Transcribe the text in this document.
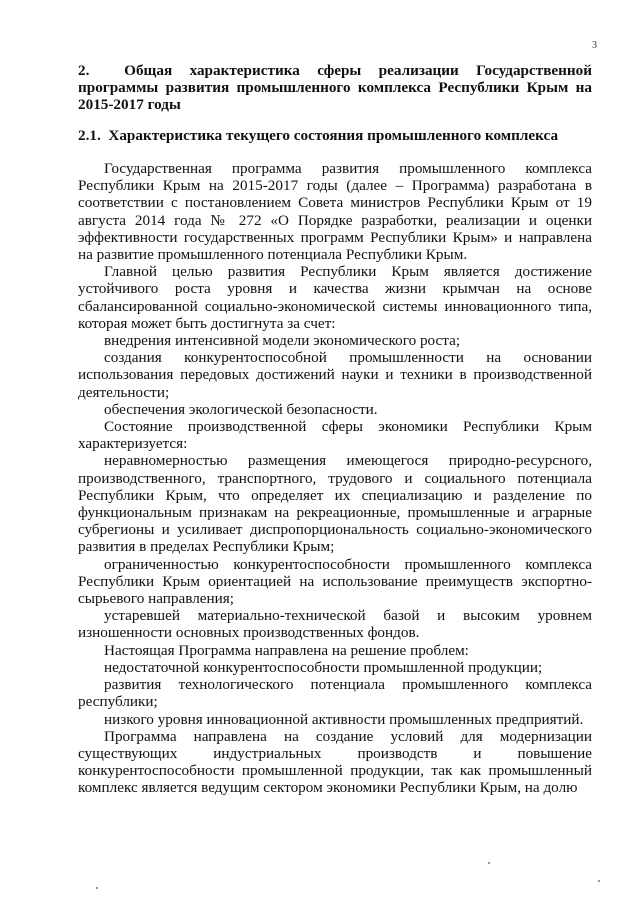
3

2.  Общая характеристика сферы реализации Государственной программы развития промышленного комплекса Республики Крым на 2015-2017 годы

2.1.  Характеристика текущего состояния промышленного комплекса

Государственная программа развития промышленного комплекса Республики Крым на 2015-2017 годы (далее – Программа) разработана в соответствии с постановлением Совета министров Республики Крым от 19 августа 2014 года № 272 «О Порядке разработки, реализации и оценки эффективности государственных программ Республики Крым» и направлена на развитие промышленного потенциала Республики Крым.

Главной целью развития Республики Крым является достижение устойчивого роста уровня и качества жизни крымчан на основе сбалансированной социально-экономической системы инновационного типа, которая может быть достигнута за счет:

внедрения интенсивной модели экономического роста;

создания конкурентоспособной промышленности на основании использования передовых достижений науки и техники в производственной деятельности;

обеспечения экологической безопасности.

Состояние производственной сферы экономики Республики Крым характеризуется:

неравномерностью размещения имеющегося природно-ресурсного, производственного, транспортного, трудового и социального потенциала Республики Крым, что определяет их специализацию и разделение по функциональным признакам на рекреационные, промышленные и аграрные субрегионы и усиливает диспропорциональность социально-экономического развития в пределах Республики Крым;

ограниченностью конкурентоспособности промышленного комплекса Республики Крым ориентацией на использование преимуществ экспортно-сырьевого направления;

устаревшей материально-технической базой и высоким уровнем изношенности основных производственных фондов.

Настоящая Программа направлена на решение проблем:

недостаточной конкурентоспособности промышленной продукции;

развития технологического потенциала промышленного комплекса республики;

низкого уровня инновационной активности промышленных предприятий.

Программа направлена на создание условий для модернизации существующих индустриальных производств и повышение конкурентоспособности промышленной продукции, так как промышленный комплекс является ведущим сектором экономики Республики Крым, на долю
